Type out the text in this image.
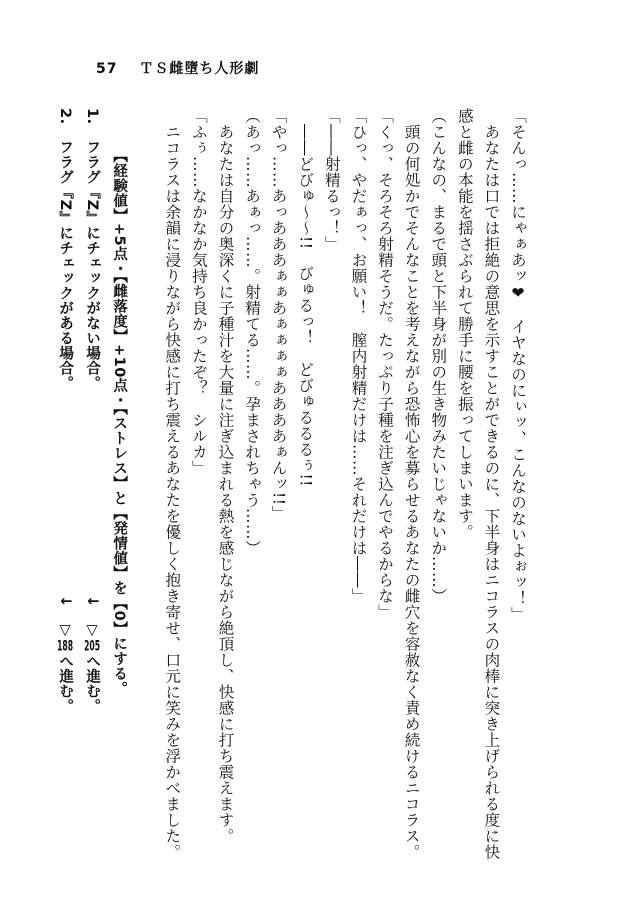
57 ＴＳ雌墮ち人形劇
「そんっ……にゃぁあッ❤　イヤなのにぃッ、こんなのないよぉッ！」
　あなたは口では拒絶の意思を示すことができるのに、下半身はニコラスの肉棒に突き上げられる度に快
感と雌の本能を揺さぶられて勝手に腰を振ってしまいます。
（こんなの、まるで頭と下半身が別の生き物みたいじゃないか……）
　頭の何処かでそんなことを考えながら恐怖心を募らせるあなたの雌穴を容赦なく責め続けるニコラス。
「くっ、そろそろ射精そうだ。たっぷり子種を注ぎ込んでやるからな」
「ひっ、やだぁっ、お願い！　膣内射精だけは……それだけは――」
「――射精るっ！」
　――どびゅ～～!!　びゅるっ！　どびゅるるるぅ!!
「やっ……あっあああぁぁあぁぁぁぁああああぁんッ!!」
（あっ……あぁっ……。射精てる……。孕まされちゃう……）
　あなたは自分の奥深くに子種汁を大量に注ぎ込まれる熱を感じながら絶頂し、快感に打ち震えます。
「ふぅ……なかなか気持ち良かったぞ？　シルカ」
　ニコラスは余韻に浸りながら快感に打ち震えるあなたを優しく抱き寄せ、口元に笑みを浮かべました。
【経験値】+5点・【雌落度】+10点・【ストレス】と【発情値】を【0】にする。
1.　フラグ『Z』にチェックがない場合。
↓　▽205へ進む。
2.　フラグ『Z』にチェックがある場合。
↓　▽188へ進む。
